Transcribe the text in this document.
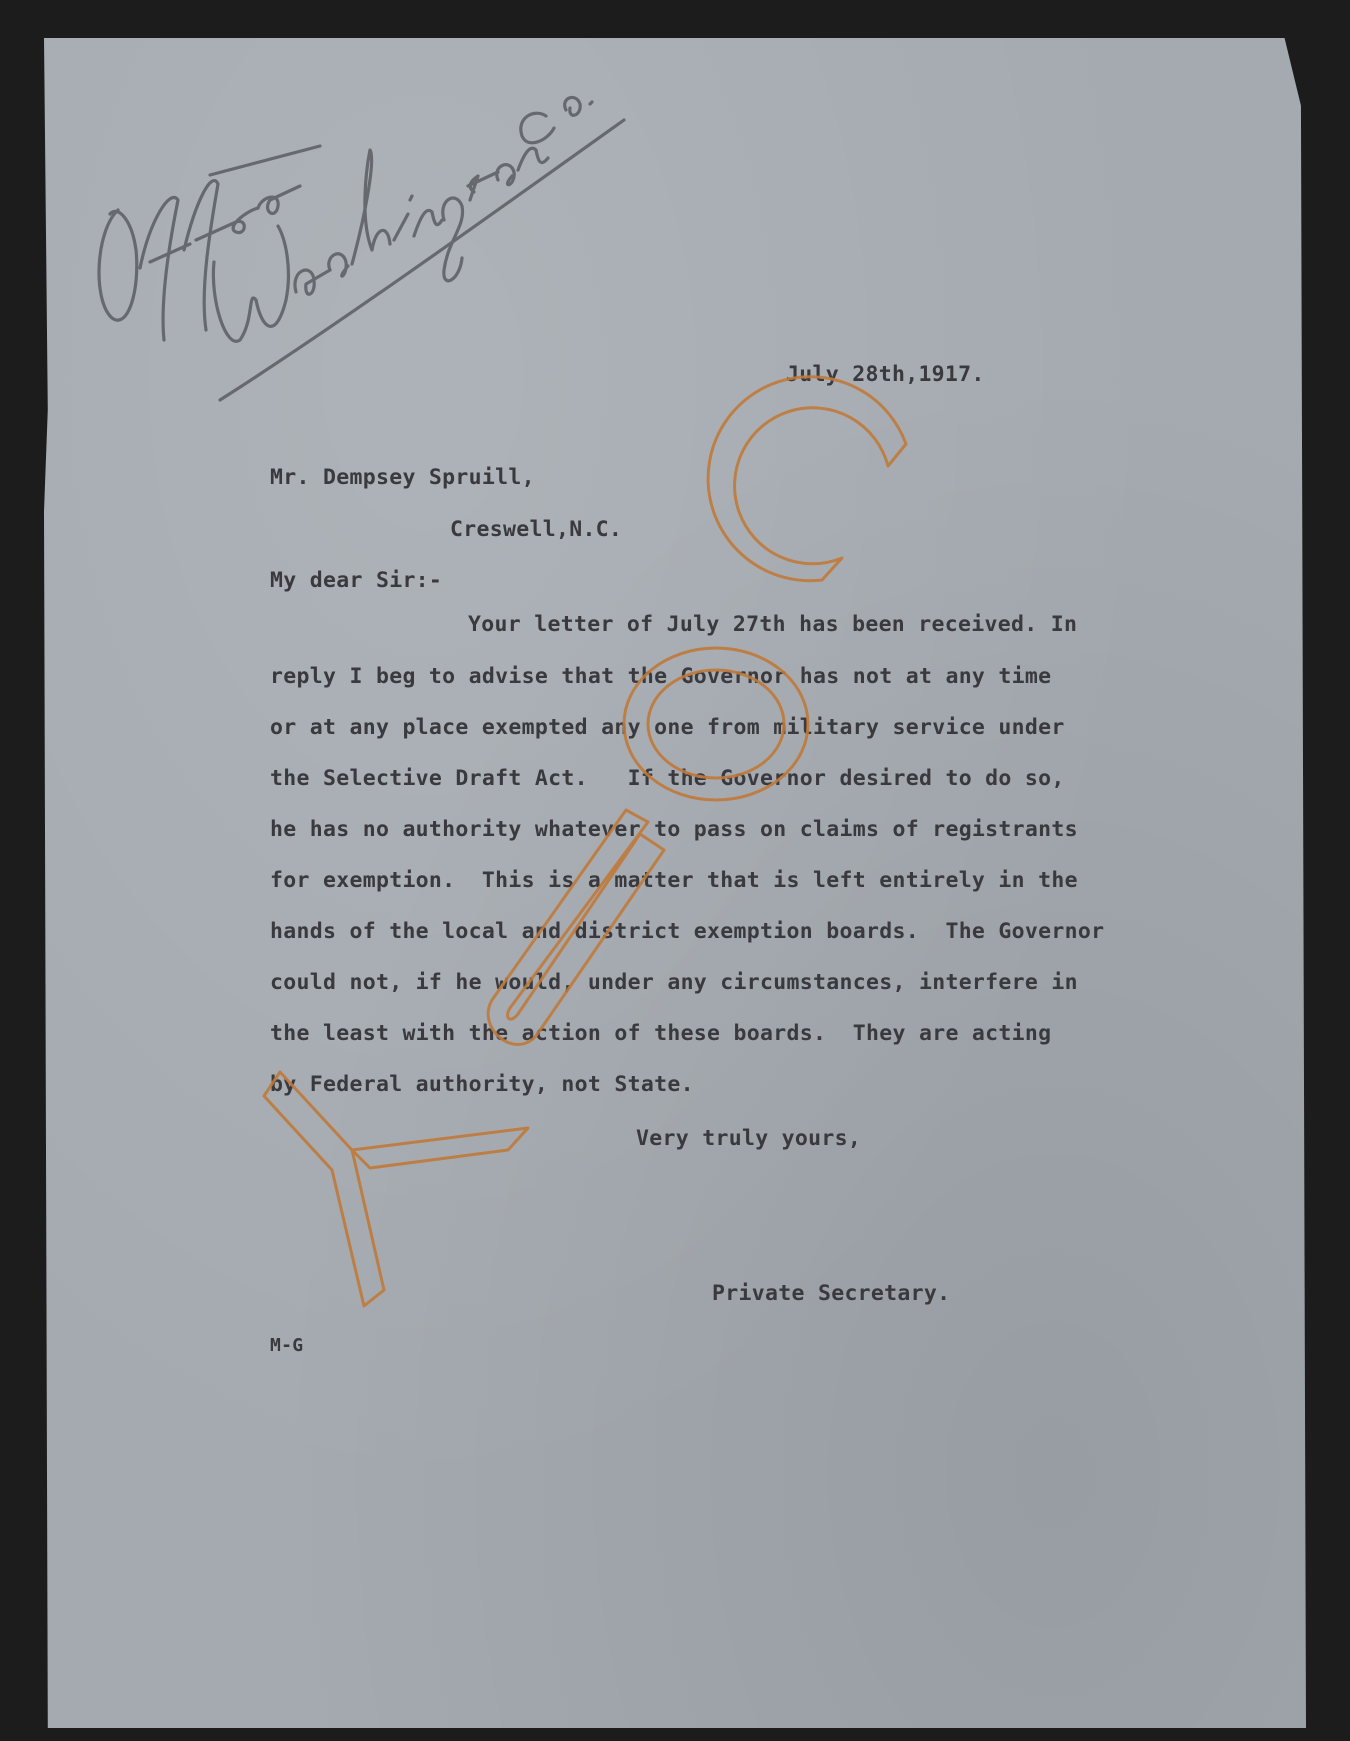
July 28th,1917.

Mr. Dempsey Spruill,

Creswell,N.C.

My dear Sir:-

Your letter of July 27th has been received. In

reply I beg to advise that the Governor has not at any time

or at any place exempted any one from military service under

the Selective Draft Act.   If the Governor desired to do so,

he has no authority whatever to pass on claims of registrants

for exemption.  This is a matter that is left entirely in the

hands of the local and district exemption boards.  The Governor

could not, if he would, under any circumstances, interfere in

the least with the action of these boards.  They are acting

by Federal authority, not State.

Very truly yours,

Private Secretary.

M-G
